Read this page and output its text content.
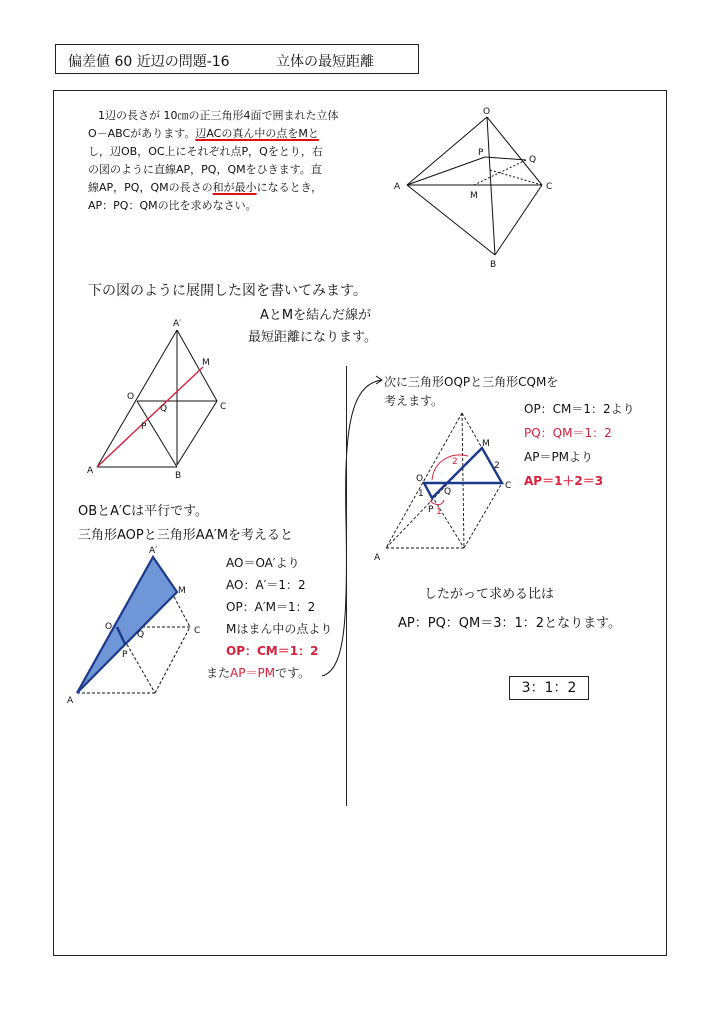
偏差値 60 近辺の問題-16	立体の最短距離

1辺の長さが 10㎝の正三角形4面で囲まれた立体

O－ABCがあります。辺ACの真ん中の点をMと

し，辺OB，OC上にそれぞれ点P，Qをとり，右

の図のように直線AP，PQ，QMをひきます。直

線AP，PQ，QMの長さの和が最小になるとき，

AP：PQ：QMの比を求めなさい。

O
A	C
B
P
Q
M
下の図のように展開した図を書いてみます。
AとMを結んだ線が
最短距離になります。
A′
M
O
C
Q
P
A	B
OBとA′Cは平行です。
三角形AOPと三角形AA′Mを考えると
A′
M
O
Q
P
C
A
AO＝OA′より
AO：A′＝1：2
OP：A′M＝1：2
Mはまん中の点より
OP：CM＝1：2
またAP＝PMです。
次に三角形OQPと三角形CQMを
考えます。
OP：CM＝1：2より
PQ：QM＝1：2
AP＝PMより
AP＝1＋2＝3
M
O
C
Q
P
A
2	2
1
1
したがって求める比は
AP：PQ：QM＝3：1：2となります。
3：1：2
